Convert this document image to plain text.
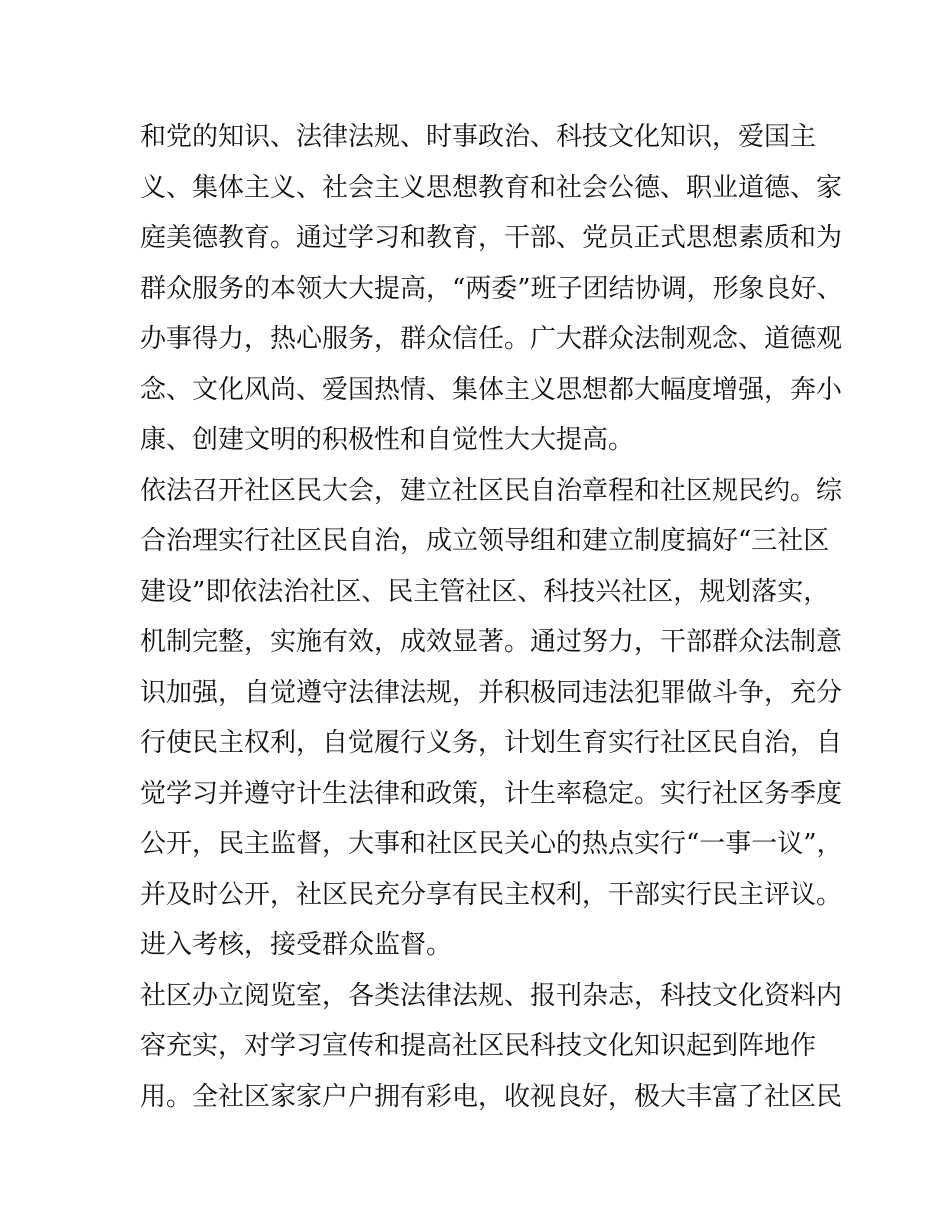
和党的知识、法律法规、时事政治、科技文化知识，爱国主
义、集体主义、社会主义思想教育和社会公德、职业道德、家
庭美德教育。通过学习和教育，干部、党员正式思想素质和为
群众服务的本领大大提高，“两委”班子团结协调，形象良好、
办事得力，热心服务，群众信任。广大群众法制观念、道德观
念、文化风尚、爱国热情、集体主义思想都大幅度增强，奔小
康、创建文明的积极性和自觉性大大提高。
依法召开社区民大会，建立社区民自治章程和社区规民约。综
合治理实行社区民自治，成立领导组和建立制度搞好“三社区
建设”即依法治社区、民主管社区、科技兴社区，规划落实，
机制完整，实施有效，成效显著。通过努力，干部群众法制意
识加强，自觉遵守法律法规，并积极同违法犯罪做斗争，充分
行使民主权利，自觉履行义务，计划生育实行社区民自治，自
觉学习并遵守计生法律和政策，计生率稳定。实行社区务季度
公开，民主监督，大事和社区民关心的热点实行“一事一议”，
并及时公开，社区民充分享有民主权利，干部实行民主评议。
进入考核，接受群众监督。
社区办立阅览室，各类法律法规、报刊杂志，科技文化资料内
容充实，对学习宣传和提高社区民科技文化知识起到阵地作
用。全社区家家户户拥有彩电，收视良好，极大丰富了社区民
